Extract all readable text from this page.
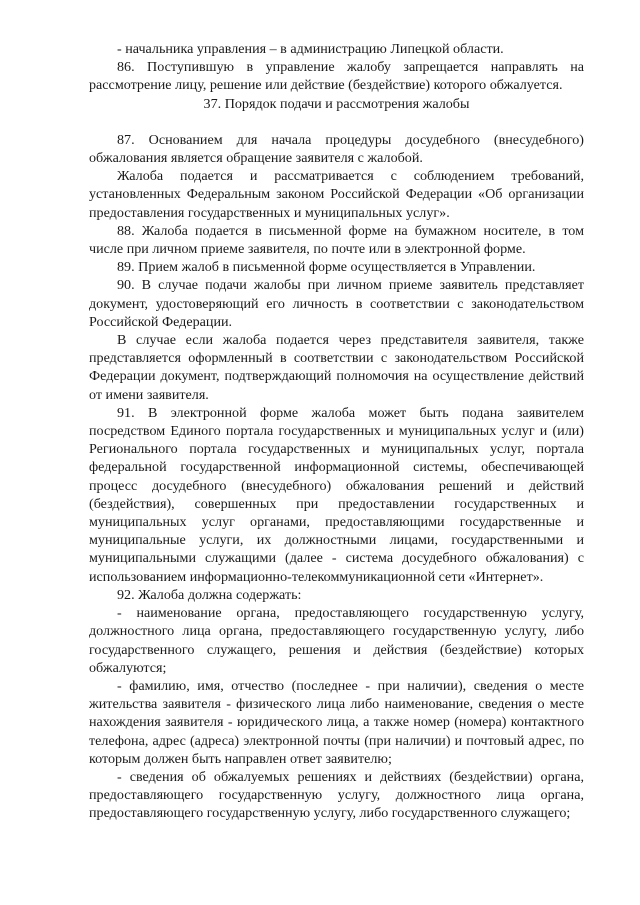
- начальника управления – в администрацию Липецкой области.

86. Поступившую в управление жалобу запрещается направлять на рассмотрение лицу, решение или действие (бездействие) которого обжалуется.

37. Порядок подачи и рассмотрения жалобы

87. Основанием для начала процедуры досудебного (внесудебного) обжалования является обращение заявителя с жалобой.

Жалоба подается и рассматривается с соблюдением требований, установленных Федеральным законом Российской Федерации «Об организации предоставления государственных и муниципальных услуг».

88. Жалоба подается в письменной форме на бумажном носителе, в том числе при личном приеме заявителя, по почте или в электронной форме.

89. Прием жалоб в письменной форме осуществляется в Управлении.

90. В случае подачи жалобы при личном приеме заявитель представляет документ, удостоверяющий его личность в соответствии с законодательством Российской Федерации.

В случае если жалоба подается через представителя заявителя, также представляется оформленный в соответствии с законодательством Российской Федерации документ, подтверждающий полномочия на осуществление действий от имени заявителя.

91. В электронной форме жалоба может быть подана заявителем посредством Единого портала государственных и муниципальных услуг и (или) Регионального портала государственных и муниципальных услуг, портала федеральной государственной информационной системы, обеспечивающей процесс досудебного (внесудебного) обжалования решений и действий (бездействия), совершенных при предоставлении государственных и муниципальных услуг органами, предоставляющими государственные и муниципальные услуги, их должностными лицами, государственными и муниципальными служащими (далее - система досудебного обжалования) с использованием информационно-телекоммуникационной сети «Интернет».

92. Жалоба должна содержать:

- наименование органа, предоставляющего государственную услугу, должностного лица органа, предоставляющего государственную услугу, либо государственного служащего, решения и действия (бездействие) которых обжалуются;

- фамилию, имя, отчество (последнее - при наличии), сведения о месте жительства заявителя - физического лица либо наименование, сведения о месте нахождения заявителя - юридического лица, а также номер (номера) контактного телефона, адрес (адреса) электронной почты (при наличии) и почтовый адрес, по которым должен быть направлен ответ заявителю;

- сведения об обжалуемых решениях и действиях (бездействии) органа, предоставляющего государственную услугу, должностного лица органа, предоставляющего государственную услугу, либо государственного служащего;
